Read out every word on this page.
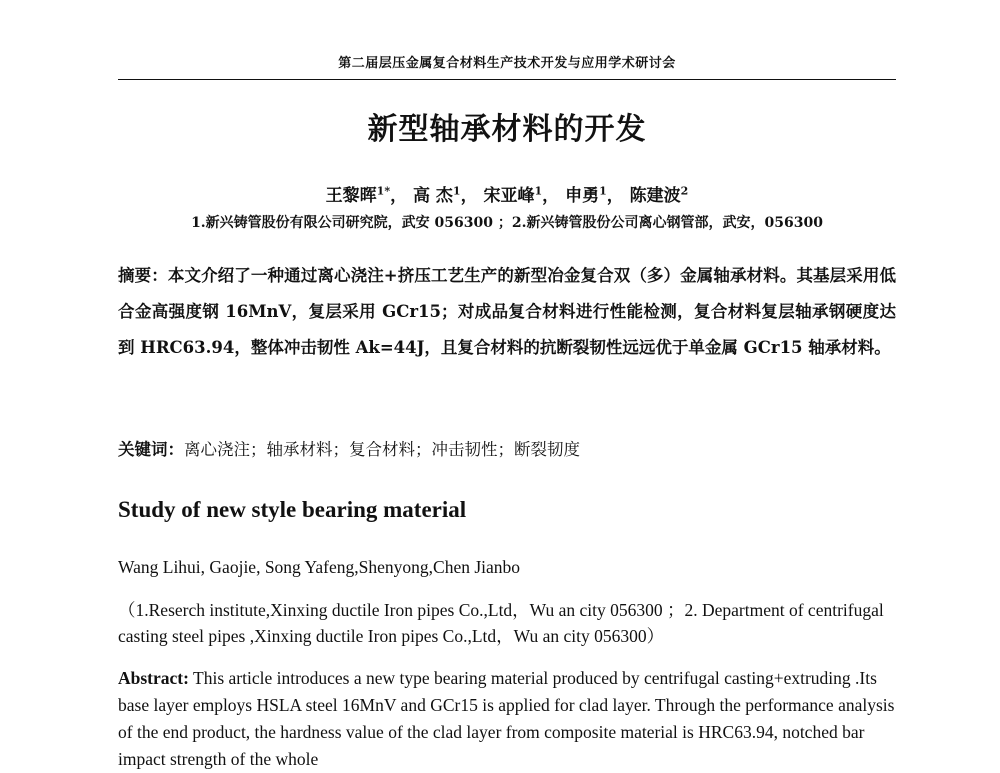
第二届层压金属复合材料生产技术开发与应用学术研讨会
新型轴承材料的开发
王黎晖$^{1*}$， 高 杰$^1$， 宋亚峰$^1$， 申勇$^1$， 陈建波$^2$
1.新兴铸管股份有限公司研究院，武安 056300 ；2.新兴铸管股份公司离心钢管部，武安，056300
摘要：本文介绍了一种通过离心浇注+挤压工艺生产的新型冶金复合双（多）金属轴承材料。其基层采用低合金高强度钢 16MnV，复层采用 GCr15；对成品复合材料进行性能检测，复合材料复层轴承钢硬度达到 HRC63.94，整体冲击韧性 Ak=44J，且复合材料的抗断裂韧性远远优于单金属 GCr15 轴承材料。
关键词：离心浇注；轴承材料；复合材料；冲击韧性；断裂韧度
Study of new style bearing material
Wang Lihui, Gaojie, Song Yafeng,Shenyong,Chen Jianbo
（1.Reserch institute,Xinxing ductile Iron pipes Co.,Ltd，Wu an city 056300 ；2. Department of centrifugal casting steel pipes ,Xinxing ductile Iron pipes Co.,Ltd，Wu an city 056300）
Abstract: This article introduces a new type bearing material produced by centrifugal casting+extruding .Its base layer employs HSLA steel 16MnV and GCr15 is applied for clad layer. Through the performance analysis of the end product, the hardness value of the clad layer from composite material is HRC63.94, notched bar impact strength of the whole
